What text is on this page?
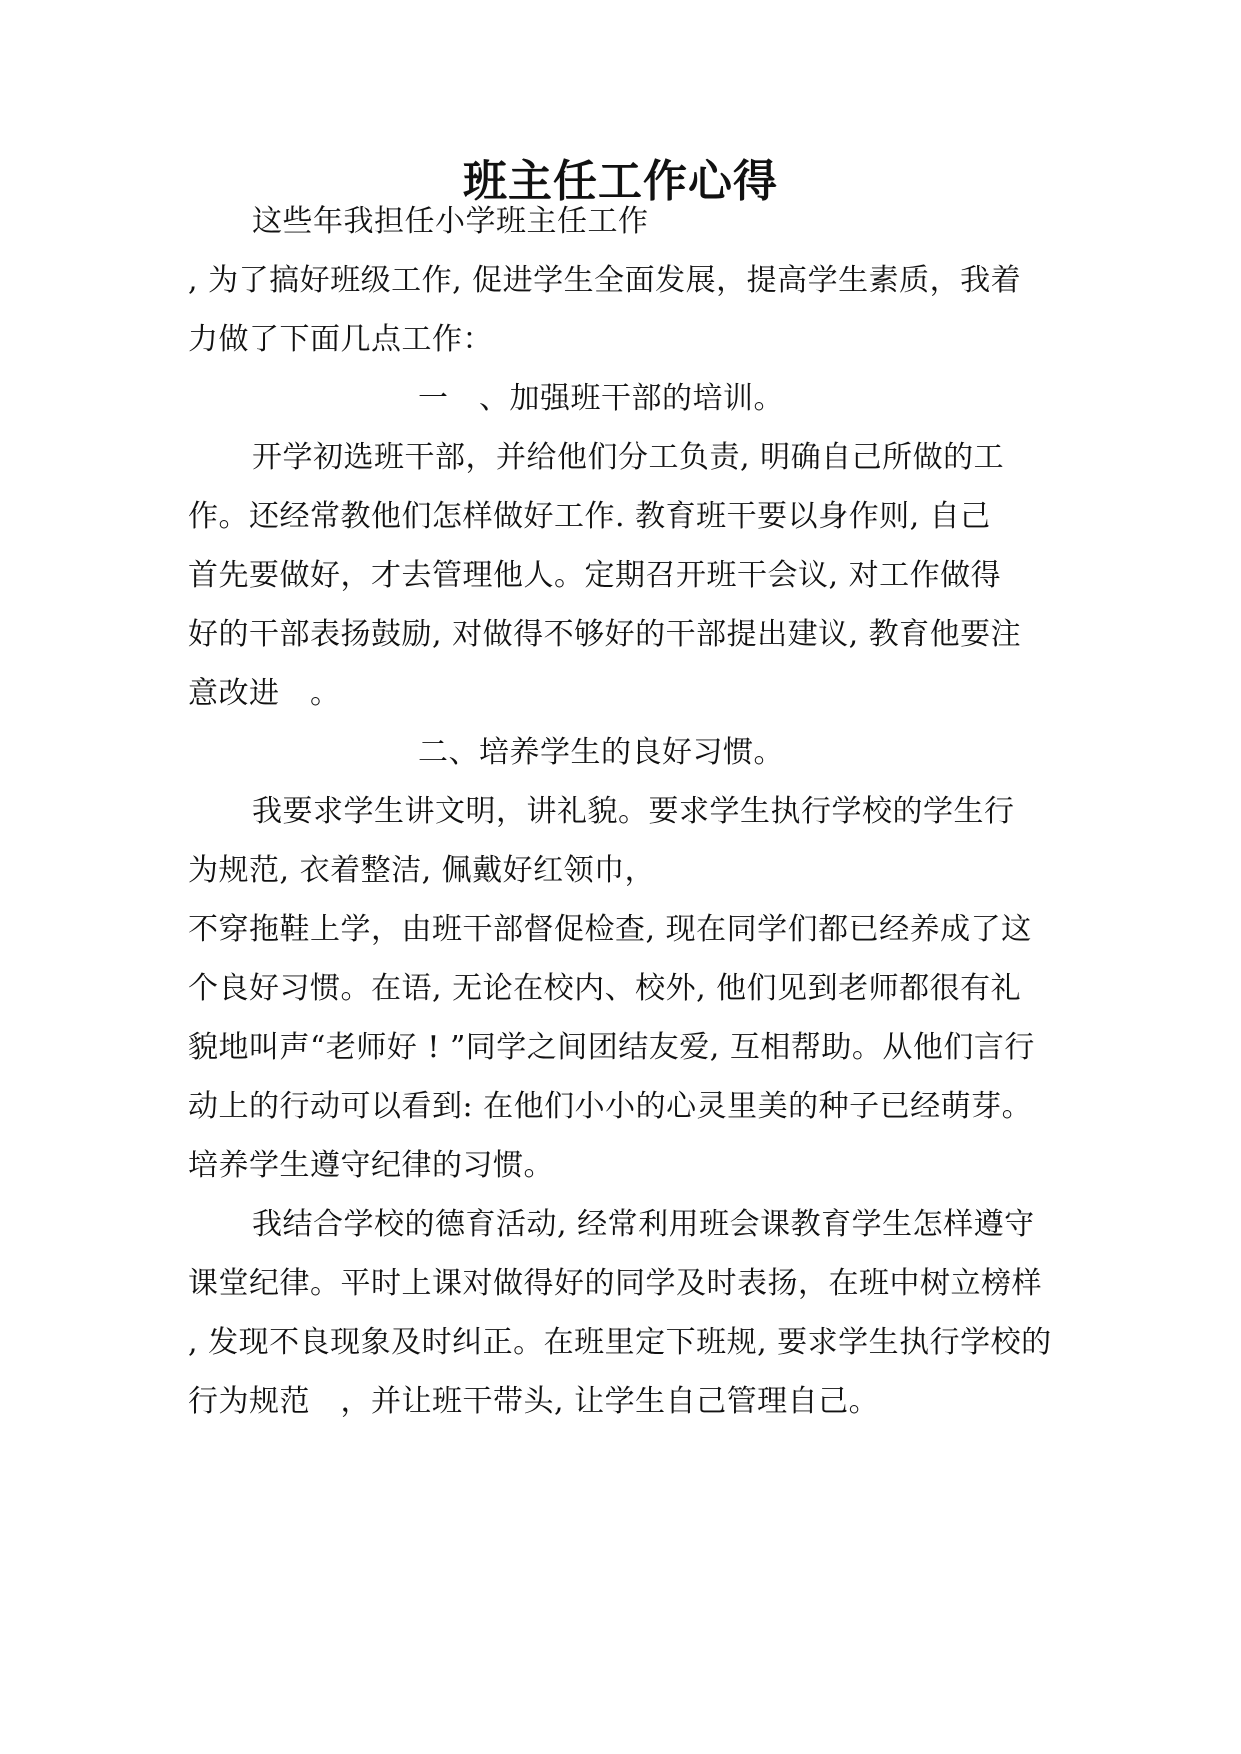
班主任工作心得
这些年我担任小学班主任工作
, 为了搞好班级工作, 促进学生全面发展，提高学生素质，我着
力做了下面几点工作：
一　、加强班干部的培训。
开学初选班干部，并给他们分工负责, 明确自己所做的工
作。还经常教他们怎样做好工作. 教育班干要以身作则, 自己
首先要做好，才去管理他人。定期召开班干会议, 对工作做得
好的干部表扬鼓励, 对做得不够好的干部提出建议, 教育他要注
意改进　。
二、培养学生的良好习惯。
我要求学生讲文明，讲礼貌。要求学生执行学校的学生行
为规范, 衣着整洁, 佩戴好红领巾，
不穿拖鞋上学，由班干部督促检查, 现在同学们都已经养成了这
个良好习惯。在语, 无论在校内、校外, 他们见到老师都很有礼
貌地叫声“老师好 ! ”同学之间团结友爱, 互相帮助。从他们言行
动上的行动可以看到: 在他们小小的心灵里美的种子已经萌芽。
培养学生遵守纪律的习惯。
我结合学校的德育活动, 经常利用班会课教育学生怎样遵守
课堂纪律。平时上课对做得好的同学及时表扬，在班中树立榜样
, 发现不良现象及时纠正。在班里定下班规, 要求学生执行学校的
行为规范　，并让班干带头, 让学生自己管理自己。
